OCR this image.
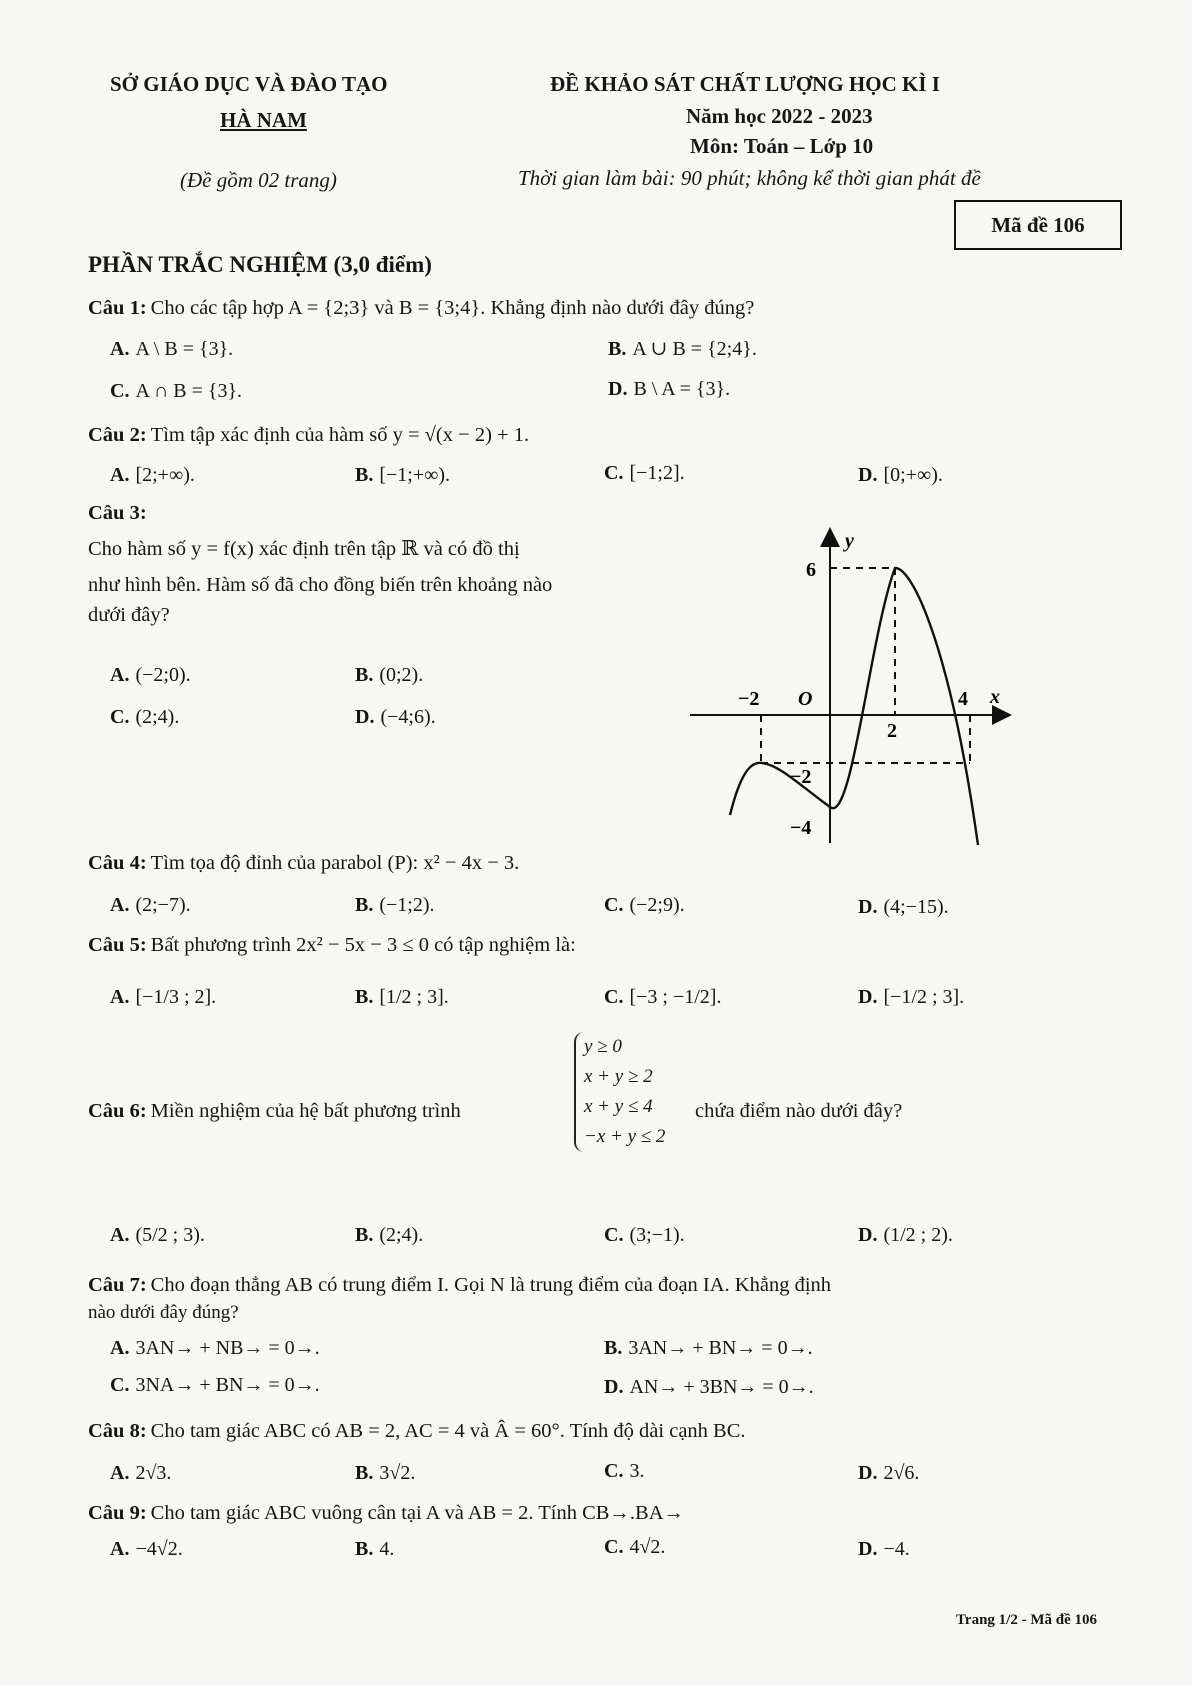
SỞ GIÁO DỤC VÀ ĐÀO TẠO
HÀ NAM
(Đề gồm 02 trang)
ĐỀ KHẢO SÁT CHẤT LƯỢNG HỌC KÌ I
Năm học 2022 - 2023
Môn: Toán – Lớp 10
Thời gian làm bài: 90 phút; không kể thời gian phát đề
Mã đề 106
PHẦN TRẮC NGHIỆM (3,0 điểm)
Câu 1: Cho các tập hợp A = {2;3} và B = {3;4}. Khẳng định nào dưới đây đúng?
A. A \ B = {3}.	B. A ∪ B = {2;4}.
C. A ∩ B = {3}.	D. B \ A = {3}.
Câu 2: Tìm tập xác định của hàm số y = √(x − 2) + 1.
A. [2;+∞).	B. [−1;+∞).	C. [−1;2].	D. [0;+∞).
Câu 3:
Cho hàm số y = f(x) xác định trên tập ℝ và có đồ thị
như hình bên. Hàm số đã cho đồng biến trên khoảng nào
dưới đây?
A. (−2;0).	B. (0;2).
C. (2;4).	D. (−4;6).
y
6
−2 O	4 x
2
−2
−4
Câu 4: Tìm tọa độ đỉnh của parabol (P): x² − 4x − 3.
A. (2;−7).	B. (−1;2).	C. (−2;9).	D. (4;−15).
Câu 5: Bất phương trình 2x² − 5x − 3 ≤ 0 có tập nghiệm là:
A. [−1/3 ; 2].	B. [1/2 ; 3].	C. [−3 ; −1/2].	D. [−1/2 ; 3].
Câu 6: Miền nghiệm của hệ bất phương trình
y ≥ 0
x + y ≥ 2
x + y ≤ 4
−x + y ≤ 2
chứa điểm nào dưới đây?
A. (5/2 ; 3).	B. (2;4).	C. (3;−1).	D. (1/2 ; 2).
Câu 7: Cho đoạn thẳng AB có trung điểm I. Gọi N là trung điểm của đoạn IA. Khẳng định
nào dưới đây đúng?
A. 3AN→ + NB→ = 0→.	B. 3AN→ + BN→ = 0→.
C. 3NA→ + BN→ = 0→.	D. AN→ + 3BN→ = 0→.
Câu 8: Cho tam giác ABC có AB = 2, AC = 4 và Â = 60°. Tính độ dài cạnh BC.
A. 2√3.	B. 3√2.	C. 3.	D. 2√6.
Câu 9: Cho tam giác ABC vuông cân tại A và AB = 2. Tính CB→.BA→
A. −4√2.	B. 4.	C. 4√2.	D. −4.
Trang 1/2 - Mã đề 106
